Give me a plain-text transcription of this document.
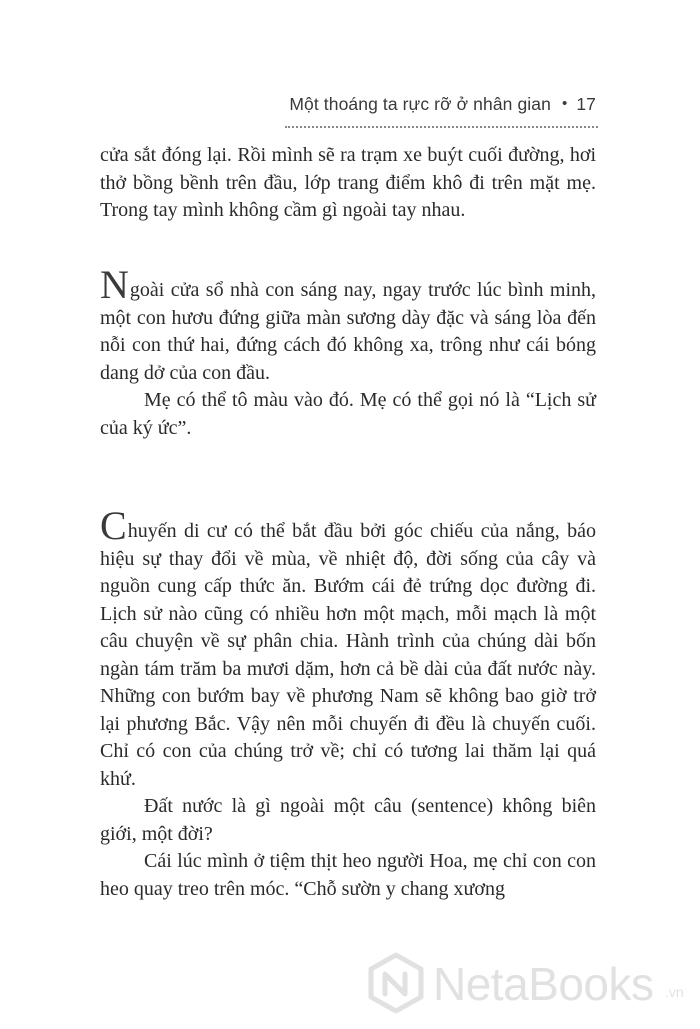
Một thoáng ta rực rỡ ở nhân gian • 17

cửa sắt đóng lại. Rồi mình sẽ ra trạm xe buýt cuối đường, hơi thở bồng bềnh trên đầu, lớp trang điểm khô đi trên mặt mẹ. Trong tay mình không cầm gì ngoài tay nhau.

Ngoài cửa sổ nhà con sáng nay, ngay trước lúc bình minh, một con hươu đứng giữa màn sương dày đặc và sáng lòa đến nỗi con thứ hai, đứng cách đó không xa, trông như cái bóng dang dở của con đầu.

Mẹ có thể tô màu vào đó. Mẹ có thể gọi nó là “Lịch sử của ký ức”.

Chuyến di cư có thể bắt đầu bởi góc chiếu của nắng, báo hiệu sự thay đổi về mùa, về nhiệt độ, đời sống của cây và nguồn cung cấp thức ăn. Bướm cái đẻ trứng dọc đường đi. Lịch sử nào cũng có nhiều hơn một mạch, mỗi mạch là một câu chuyện về sự phân chia. Hành trình của chúng dài bốn ngàn tám trăm ba mươi dặm, hơn cả bề dài của đất nước này. Những con bướm bay về phương Nam sẽ không bao giờ trở lại phương Bắc. Vậy nên mỗi chuyến đi đều là chuyến cuối. Chỉ có con của chúng trở về; chỉ có tương lai thăm lại quá khứ.

Đất nước là gì ngoài một câu (sentence) không biên giới, một đời?

Cái lúc mình ở tiệm thịt heo người Hoa, mẹ chỉ con con heo quay treo trên móc. “Chỗ sườn y chang xương

NetaBooks .vn
